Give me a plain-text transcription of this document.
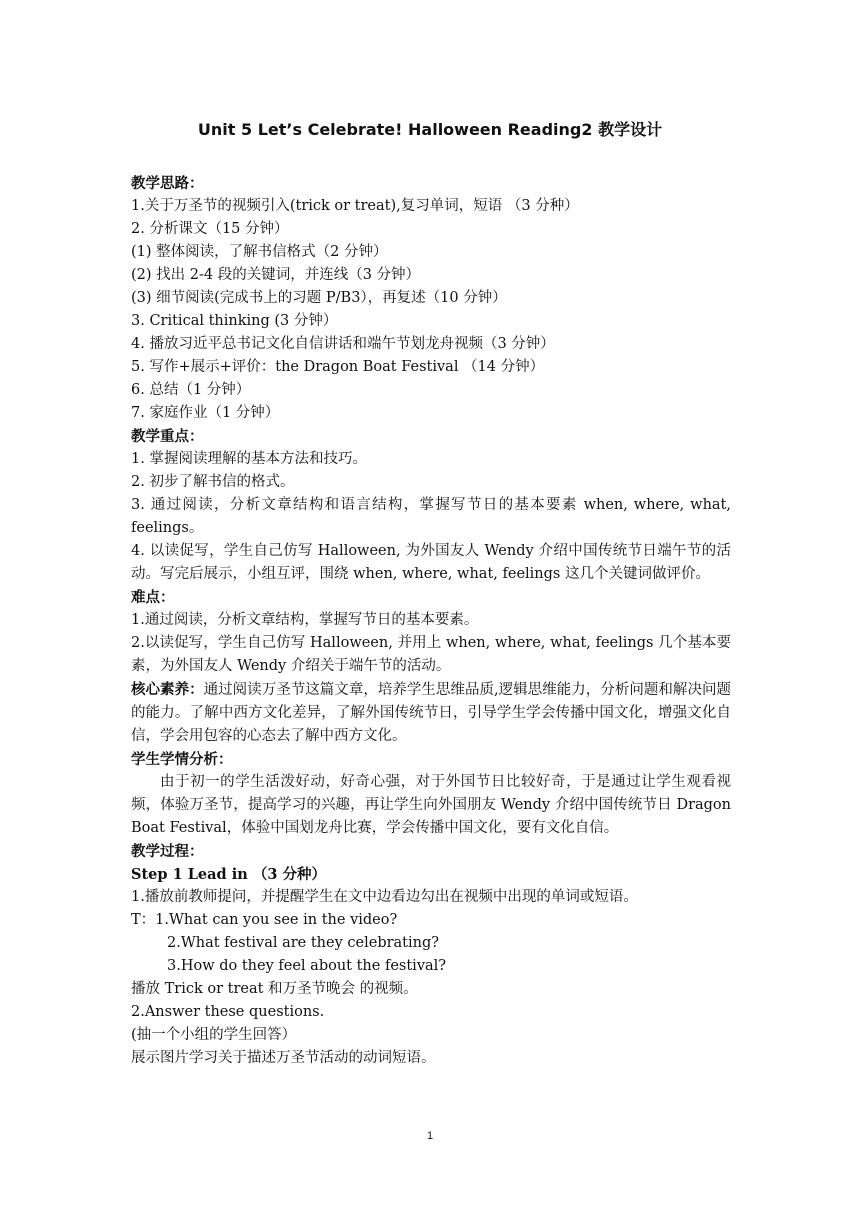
Unit 5 Let’s Celebrate! Halloween Reading2 教学设计

教学思路：

1.关于万圣节的视频引入(trick or treat),复习单词，短语 （3 分种）

2. 分析课文（15 分钟）

(1) 整体阅读，了解书信格式（2 分钟）

(2) 找出 2-4 段的关键词，并连线（3 分钟）

(3) 细节阅读(完成书上的习题 P/B3），再复述（10 分钟）

3. Critical thinking (3 分钟）

4. 播放习近平总书记文化自信讲话和端午节划龙舟视频（3 分钟）

5. 写作+展示+评价：the Dragon Boat Festival （14 分钟）

6. 总结（1 分钟）

7. 家庭作业（1 分钟）

教学重点：

1. 掌握阅读理解的基本方法和技巧。

2. 初步了解书信的格式。

3. 通过阅读，分析文章结构和语言结构，掌握写节日的基本要素 when, where, what, feelings。

4. 以读促写，学生自己仿写 Halloween, 为外国友人 Wendy 介绍中国传统节日端午节的活动。写完后展示，小组互评，围绕 when, where, what, feelings 这几个关键词做评价。

难点：

1.通过阅读，分析文章结构，掌握写节日的基本要素。

2.以读促写，学生自己仿写 Halloween, 并用上 when, where, what, feelings 几个基本要素，为外国友人 Wendy 介绍关于端午节的活动。

核心素养：通过阅读万圣节这篇文章，培养学生思维品质,逻辑思维能力，分析问题和解决问题的能力。了解中西方文化差异，了解外国传统节日，引导学生学会传播中国文化，增强文化自信，学会用包容的心态去了解中西方文化。

学生学情分析：

由于初一的学生活泼好动，好奇心强，对于外国节日比较好奇，于是通过让学生观看视频，体验万圣节，提高学习的兴趣，再让学生向外国朋友 Wendy 介绍中国传统节日 Dragon Boat Festival，体验中国划龙舟比赛，学会传播中国文化，要有文化自信。

教学过程：

Step 1 Lead in （3 分种）

1.播放前教师提问，并提醒学生在文中边看边勾出在视频中出现的单词或短语。

T：1.What can you see in the video?

2.What festival are they celebrating?

3.How do they feel about the festival?

播放 Trick or treat 和万圣节晚会 的视频。

2.Answer these questions.

(抽一个小组的学生回答）

展示图片学习关于描述万圣节活动的动词短语。

1
